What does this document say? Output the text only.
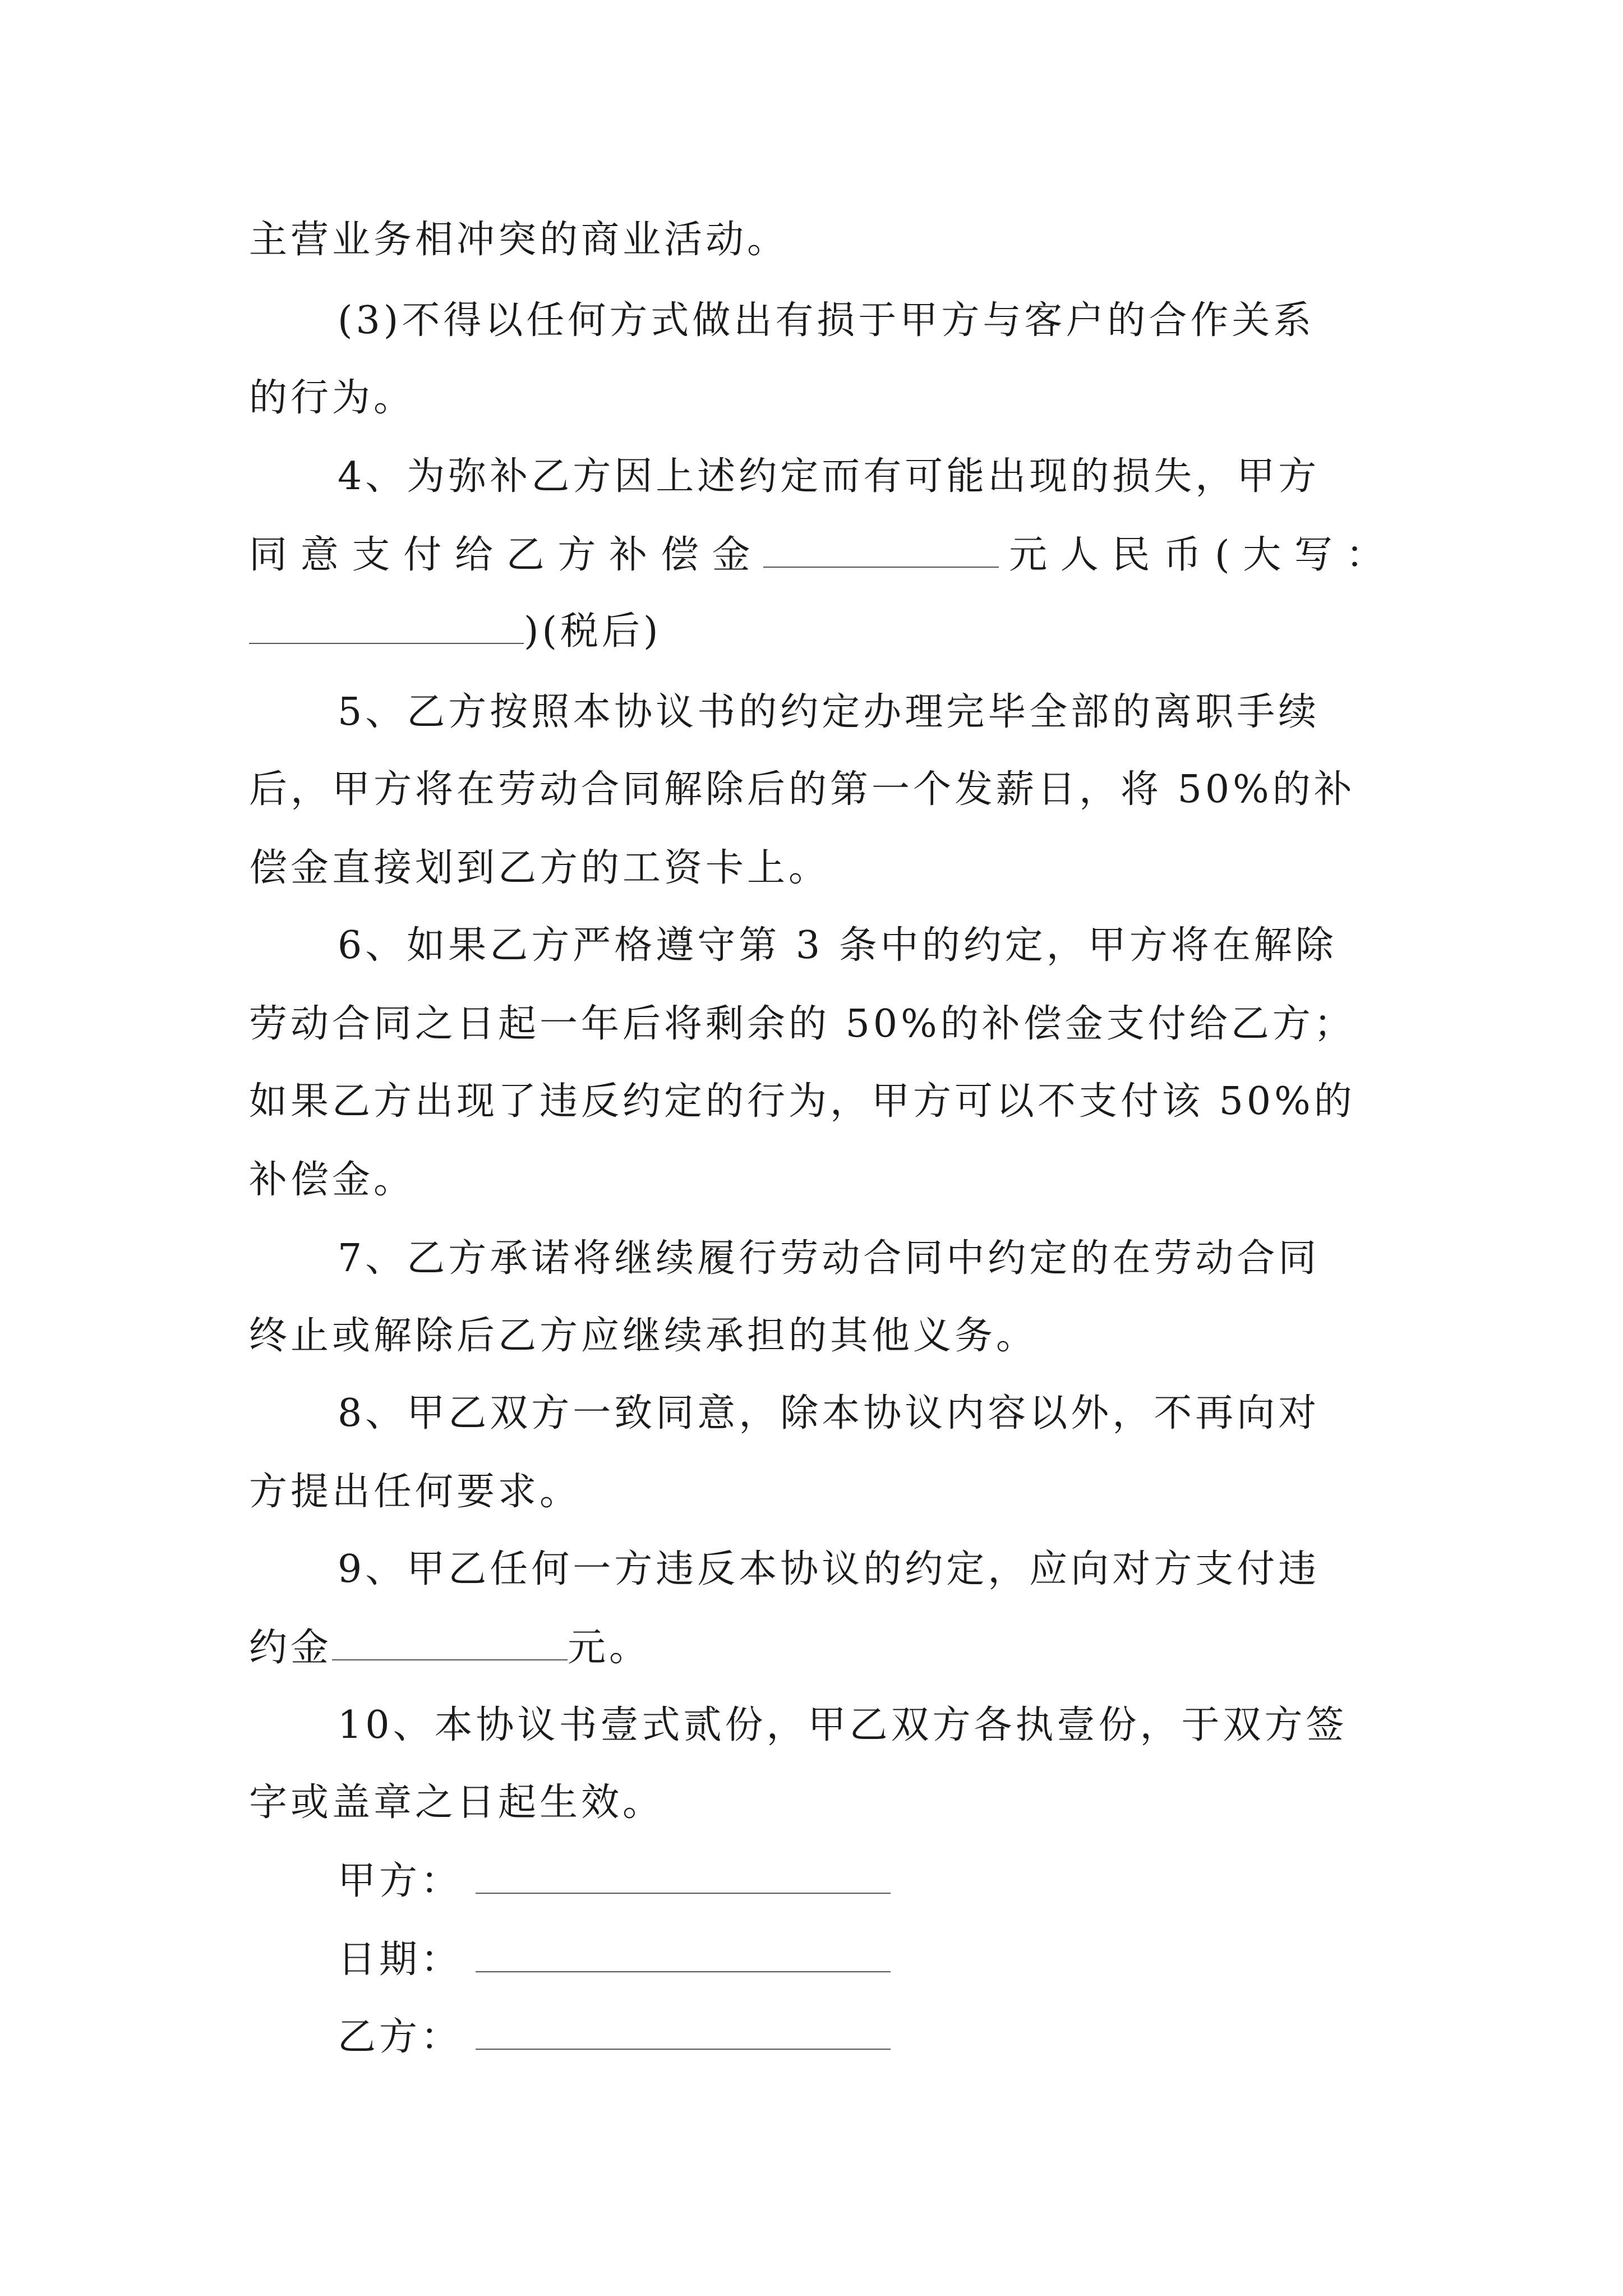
主营业务相冲突的商业活动。
(3)不得以任何方式做出有损于甲方与客户的合作关系
的行为。
4、为弥补乙方因上述约定而有可能出现的损失，甲方
同 意 支 付 给 乙 方 补 偿 金	元 人 民 币 ( 大 写 ：
)(税后)
5、乙方按照本协议书的约定办理完毕全部的离职手续
后，甲方将在劳动合同解除后的第一个发薪日，将 50%的补
偿金直接划到乙方的工资卡上。
6、如果乙方严格遵守第 3 条中的约定，甲方将在解除
劳动合同之日起一年后将剩余的 50%的补偿金支付给乙方；
如果乙方出现了违反约定的行为，甲方可以不支付该 50%的
补偿金。
7、乙方承诺将继续履行劳动合同中约定的在劳动合同
终止或解除后乙方应继续承担的其他义务。
8、甲乙双方一致同意，除本协议内容以外，不再向对
方提出任何要求。
9、甲乙任何一方违反本协议的约定，应向对方支付违
约金	元。
10、本协议书壹式贰份，甲乙双方各执壹份，于双方签
字或盖章之日起生效。
甲方：
日期：
乙方：
